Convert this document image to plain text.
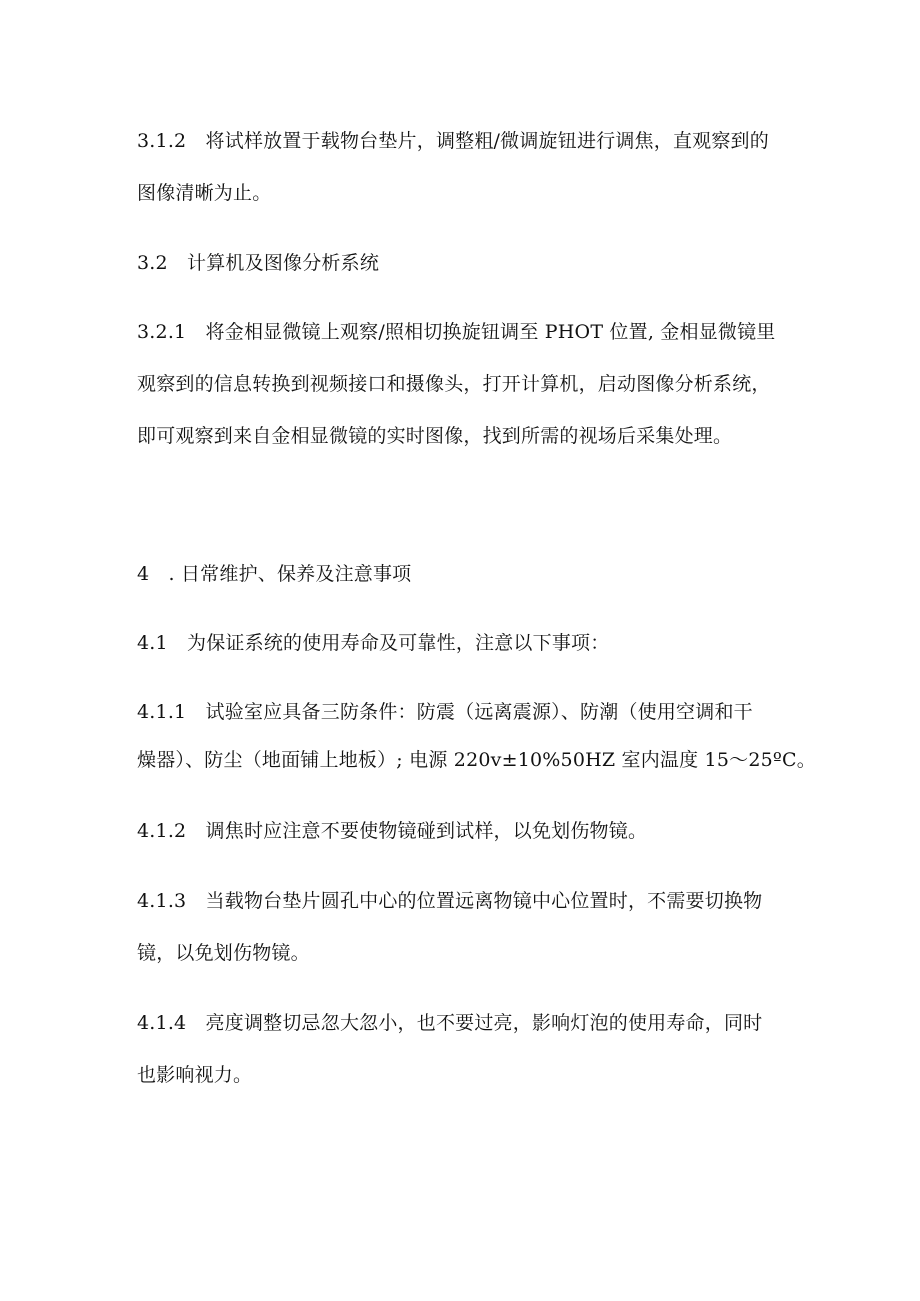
3.1.2　将试样放置于载物台垫片，调整粗/微调旋钮进行调焦，直观察到的
图像清晰为止。
3.2　计算机及图像分析系统
3.2.1　将金相显微镜上观察/照相切换旋钮调至 PHOT 位置, 金相显微镜里
观察到的信息转换到视频接口和摄像头，打开计算机，启动图像分析系统，
即可观察到来自金相显微镜的实时图像，找到所需的视场后采集处理。
4　. 日常维护、保养及注意事项
4.1　为保证系统的使用寿命及可靠性，注意以下事项：
4.1.1　试验室应具备三防条件：防震（远离震源）、防潮（使用空调和干
燥器）、防尘（地面铺上地板）; 电源 220v±10%50HZ 室内温度 15～25ºC。
4.1.2　调焦时应注意不要使物镜碰到试样，以免划伤物镜。
4.1.3　当载物台垫片圆孔中心的位置远离物镜中心位置时，不需要切换物
镜，以免划伤物镜。
4.1.4　亮度调整切忌忽大忽小，也不要过亮，影响灯泡的使用寿命，同时
也影响视力。
